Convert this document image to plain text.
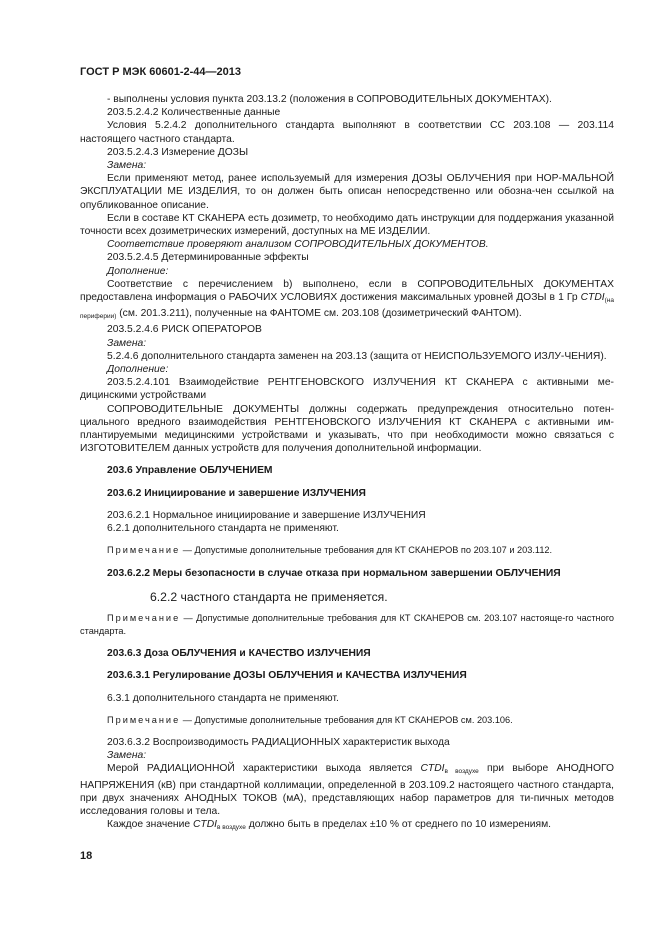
ГОСТ Р МЭК 60601-2-44—2013

- выполнены условия пункта 203.13.2 (положения в СОПРОВОДИТЕЛЬНЫХ ДОКУМЕНТАХ).

203.5.2.4.2 Количественные данные

Условия 5.2.4.2 дополнительного стандарта выполняют в соответствии СС 203.108 — 203.114 настоящего частного стандарта.

203.5.2.4.3 Измерение ДОЗЫ

Замена:

Если применяют метод, ранее используемый для измерения ДОЗЫ ОБЛУЧЕНИЯ при НОР-МАЛЬНОЙ ЭКСПЛУАТАЦИИ МЕ ИЗДЕЛИЯ, то он должен быть описан непосредственно или обозна-чен ссылкой на опубликованное описание.

Если в составе КТ СКАНЕРА есть дозиметр, то необходимо дать инструкции для поддержания указанной точности всех дозиметрических измерений, доступных на МЕ ИЗДЕЛИИ.

Соответствие проверяют анализом СОПРОВОДИТЕЛЬНЫХ ДОКУМЕНТОВ.

203.5.2.4.5 Детерминированные эффекты

Дополнение:

Соответствие с перечислением b) выполнено, если в СОПРОВОДИТЕЛЬНЫХ ДОКУМЕНТАХ предоставлена информация о РАБОЧИХ УСЛОВИЯХ достижения максимальных уровней ДОЗЫ в 1 Гр $CTDI_{(на периферии)}$ (см. 201.3.211), полученные на ФАНТОМЕ см. 203.108 (дозиметрический ФАНТОМ).

203.5.2.4.6 РИСК ОПЕРАТОРОВ

Замена:

5.2.4.6 дополнительного стандарта заменен на 203.13 (защита от НЕИСПОЛЬЗУЕМОГО ИЗЛУ-ЧЕНИЯ).

Дополнение:

203.5.2.4.101 Взаимодействие РЕНТГЕНОВСКОГО ИЗЛУЧЕНИЯ КТ СКАНЕРА с активными ме-дицинскими устройствами

СОПРОВОДИТЕЛЬНЫЕ ДОКУМЕНТЫ должны содержать предупреждения относительно потен-циального вредного взаимодействия РЕНТГЕНОВСКОГО ИЗЛУЧЕНИЯ КТ СКАНЕРА с активными им-плантируемыми медицинскими устройствами и указывать, что при необходимости можно связаться с ИЗГОТОВИТЕЛЕМ данных устройств для получения дополнительной информации.

203.6 Управление ОБЛУЧЕНИЕМ

203.6.2 Инициирование и завершение ИЗЛУЧЕНИЯ

203.6.2.1 Нормальное инициирование и завершение ИЗЛУЧЕНИЯ

6.2.1 дополнительного стандарта не применяют.

Примечание — Допустимые дополнительные требования для КТ СКАНЕРОВ по 203.107 и 203.112.

203.6.2.2 Меры безопасности в случае отказа при нормальном завершении ОБЛУЧЕНИЯ

6.2.2 частного стандарта не применяется.

Примечание — Допустимые дополнительные требования для КТ СКАНЕРОВ см. 203.107 настояще-го частного стандарта.

203.6.3 Доза ОБЛУЧЕНИЯ и КАЧЕСТВО ИЗЛУЧЕНИЯ

203.6.3.1 Регулирование ДОЗЫ ОБЛУЧЕНИЯ и КАЧЕСТВА ИЗЛУЧЕНИЯ

6.3.1 дополнительного стандарта не применяют.

Примечание — Допустимые дополнительные требования для КТ СКАНЕРОВ см. 203.106.

203.6.3.2 Воспроизводимость РАДИАЦИОННЫХ характеристик выхода

Замена:

Мерой РАДИАЦИОННОЙ характеристики выхода является $CTDI_{в воздухе}$ при выборе АНОДНОГО НАПРЯЖЕНИЯ (кВ) при стандартной коллимации, определенной в 203.109.2 настоящего частного стандарта, при двух значениях АНОДНЫХ ТОКОВ (мА), представляющих набор параметров для ти-пичных методов исследования головы и тела.

Каждое значение $CTDI_{в воздухе}$ должно быть в пределах ±10 % от среднего по 10 измерениям.

18
